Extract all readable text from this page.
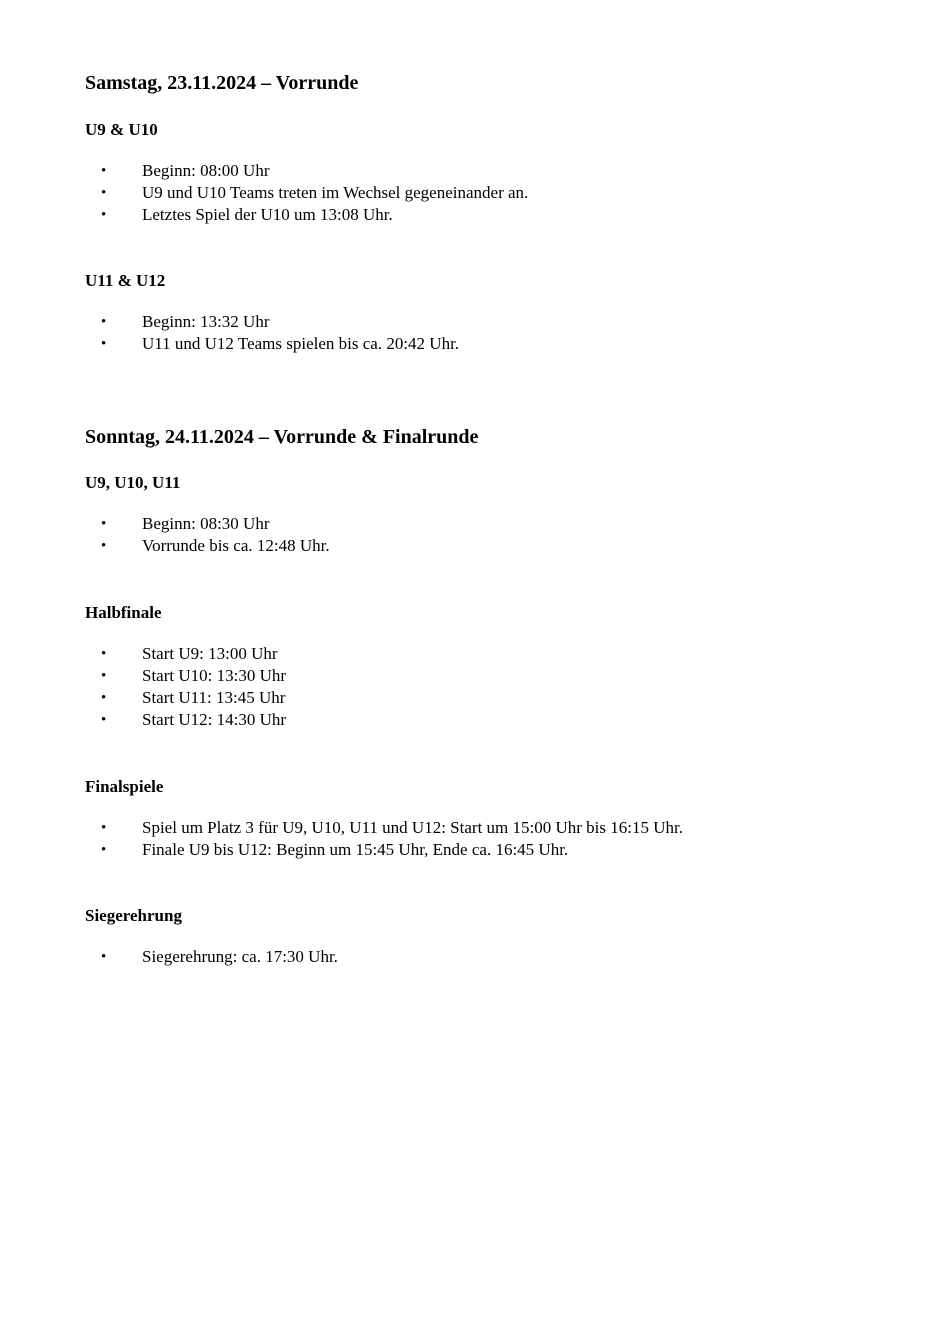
Samstag, 23.11.2024 – Vorrunde
U9 & U10
• Beginn: 08:00 Uhr
• U9 und U10 Teams treten im Wechsel gegeneinander an.
• Letztes Spiel der U10 um 13:08 Uhr.
U11 & U12
• Beginn: 13:32 Uhr
• U11 und U12 Teams spielen bis ca. 20:42 Uhr.
Sonntag, 24.11.2024 – Vorrunde & Finalrunde
U9, U10, U11
• Beginn: 08:30 Uhr
• Vorrunde bis ca. 12:48 Uhr.
Halbfinale
• Start U9: 13:00 Uhr
• Start U10: 13:30 Uhr
• Start U11: 13:45 Uhr
• Start U12: 14:30 Uhr
Finalspiele
• Spiel um Platz 3 für U9, U10, U11 und U12: Start um 15:00 Uhr bis 16:15 Uhr.
• Finale U9 bis U12: Beginn um 15:45 Uhr, Ende ca. 16:45 Uhr.
Siegerehrung
• Siegerehrung: ca. 17:30 Uhr.
